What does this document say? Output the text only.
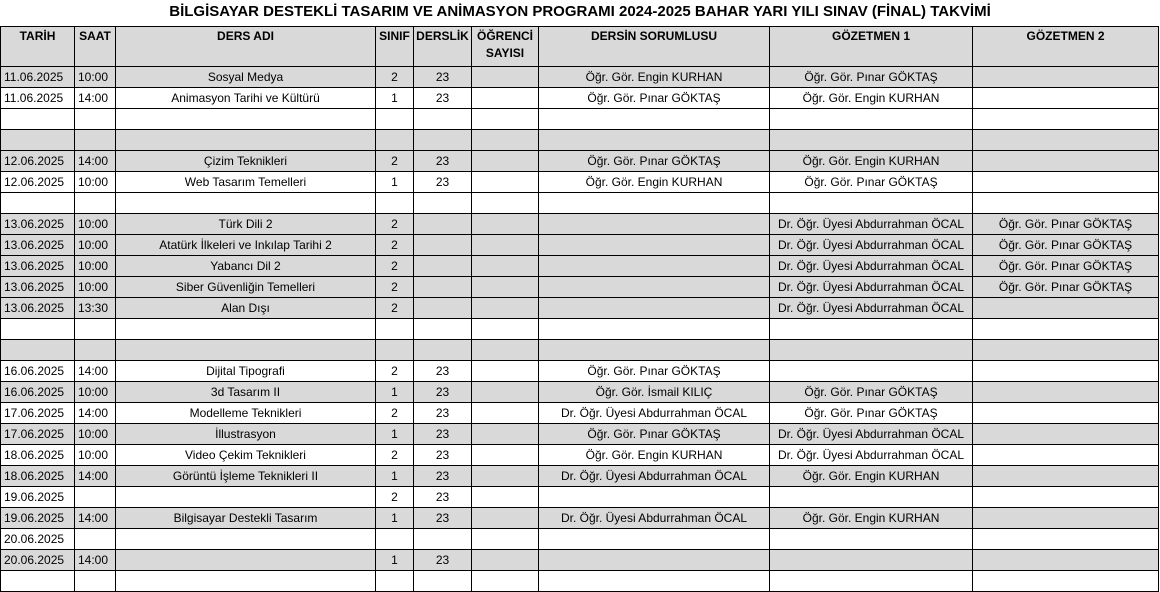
BİLGİSAYAR DESTEKLİ TASARIM VE ANİMASYON PROGRAMI 2024-2025 BAHAR YARI YILI SINAV (FİNAL) TAKVİMİ
TARİH	SAAT	DERS ADI	SINIF	DERSLİK	ÖĞRENCİ SAYISI	DERSİN SORUMLUSU	GÖZETMEN 1	GÖZETMEN 2
11.06.2025	10:00	Sosyal Medya	2	23		Öğr. Gör. Engin KURHAN	Öğr. Gör. Pınar GÖKTAŞ	
11.06.2025	14:00	Animasyon Tarihi ve Kültürü	1	23		Öğr. Gör. Pınar GÖKTAŞ	Öğr. Gör. Engin KURHAN	

12.06.2025	14:00	Çizim Teknikleri	2	23		Öğr. Gör. Pınar GÖKTAŞ	Öğr. Gör. Engin KURHAN	
12.06.2025	10:00	Web Tasarım Temelleri	1	23		Öğr. Gör. Engin KURHAN	Öğr. Gör. Pınar GÖKTAŞ	

13.06.2025	10:00	Türk Dili 2	2				Dr. Öğr. Üyesi Abdurrahman ÖCAL	Öğr. Gör. Pınar GÖKTAŞ
13.06.2025	10:00	Atatürk İlkeleri ve Inkılap Tarihi 2	2				Dr. Öğr. Üyesi Abdurrahman ÖCAL	Öğr. Gör. Pınar GÖKTAŞ
13.06.2025	10:00	Yabancı Dil 2	2				Dr. Öğr. Üyesi Abdurrahman ÖCAL	Öğr. Gör. Pınar GÖKTAŞ
13.06.2025	10:00	Siber Güvenliğin Temelleri	2				Dr. Öğr. Üyesi Abdurrahman ÖCAL	Öğr. Gör. Pınar GÖKTAŞ
13.06.2025	13:30	Alan Dışı	2				Dr. Öğr. Üyesi Abdurrahman ÖCAL	

16.06.2025	14:00	Dijital Tipografi	2	23		Öğr. Gör. Pınar GÖKTAŞ		
16.06.2025	10:00	3d Tasarım II	1	23		Öğr. Gör. İsmail KILIÇ	Öğr. Gör. Pınar GÖKTAŞ	
17.06.2025	14:00	Modelleme Teknikleri	2	23		Dr. Öğr. Üyesi Abdurrahman ÖCAL	Öğr. Gör. Pınar GÖKTAŞ	
17.06.2025	10:00	İllustrasyon	1	23		Öğr. Gör. Pınar GÖKTAŞ	Dr. Öğr. Üyesi Abdurrahman ÖCAL	
18.06.2025	10:00	Video Çekim Teknikleri	2	23		Öğr. Gör. Engin KURHAN	Dr. Öğr. Üyesi Abdurrahman ÖCAL	
18.06.2025	14:00	Görüntü İşleme Teknikleri II	1	23		Dr. Öğr. Üyesi Abdurrahman ÖCAL	Öğr. Gör. Engin KURHAN	
19.06.2025			2	23				
19.06.2025	14:00	Bilgisayar Destekli Tasarım	1	23		Dr. Öğr. Üyesi Abdurrahman ÖCAL	Öğr. Gör. Engin KURHAN	
20.06.2025								
20.06.2025	14:00		1	23				
